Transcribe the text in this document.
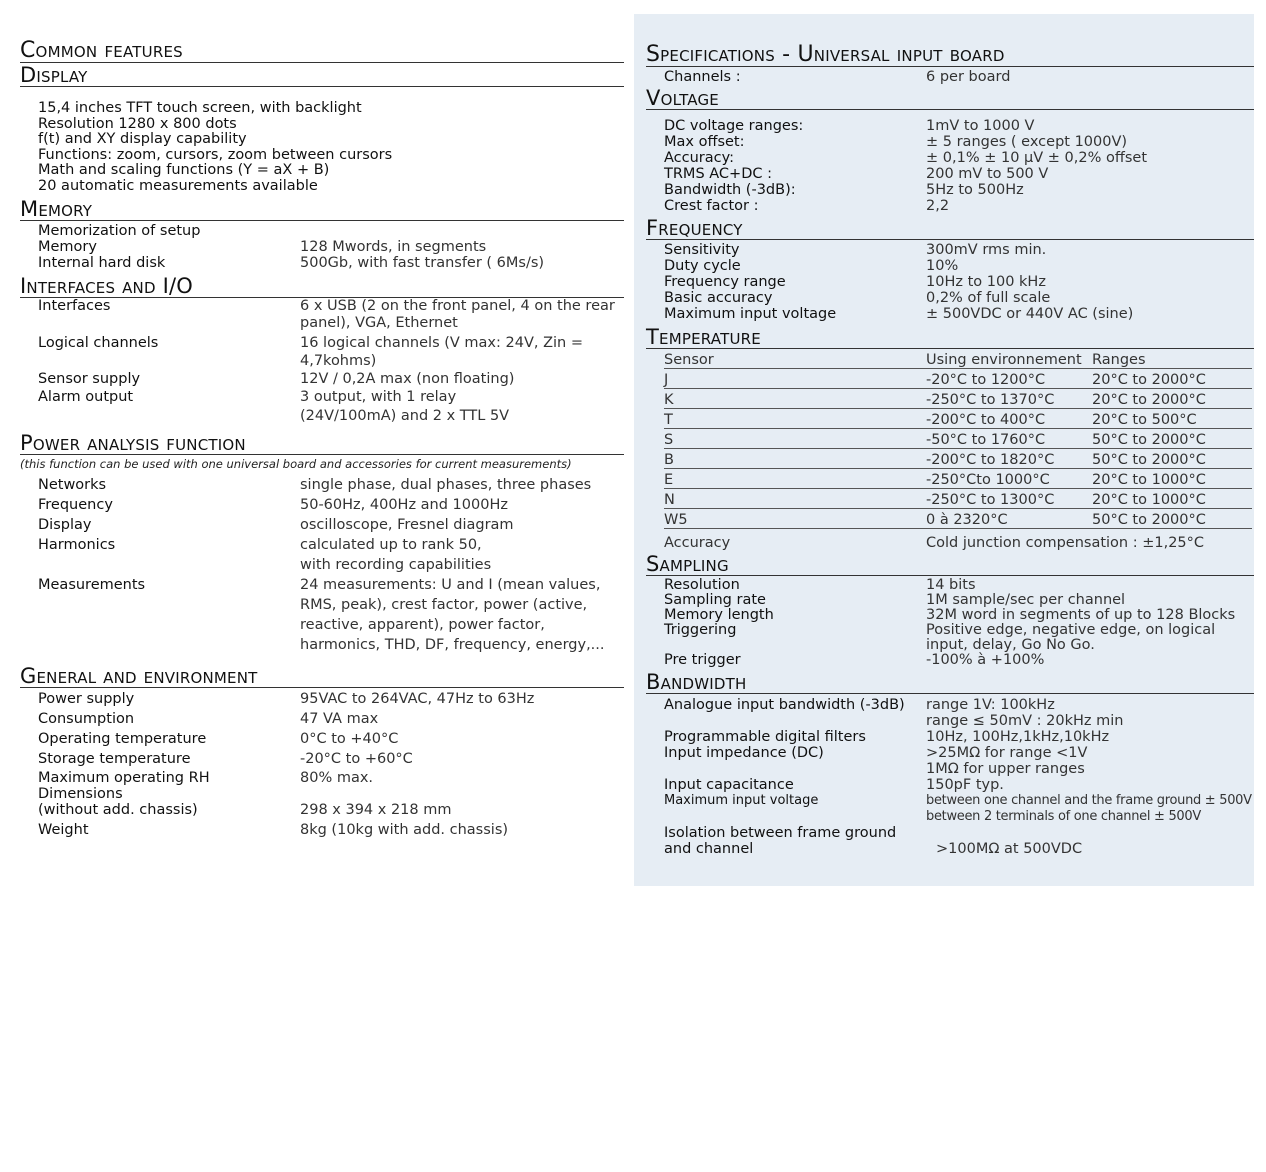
Common features
Display
15,4 inches TFT touch screen, with backlight
Resolution 1280 x 800 dots
f(t) and XY display capability
Functions: zoom, cursors, zoom between cursors
Math and scaling functions (Y = aX + B)
20 automatic measurements available
Memory
Memorization of setup
Memory	128 Mwords, in segments
Internal hard disk	500Gb, with fast transfer ( 6Ms/s)
Interfaces and I/O
Interfaces	6 x USB (2 on the front panel, 4 on the rear panel), VGA, Ethernet
Logical channels	16 logical channels (V max: 24V, Zin = 4,7kohms)
Sensor supply	12V / 0,2A max (non floating)
Alarm output	3 output, with 1 relay (24V/100mA) and 2 x TTL 5V
Power analysis function
(this function can be used with one universal board and accessories for current measurements)
Networks	single phase, dual phases, three phases
Frequency	50-60Hz, 400Hz and 1000Hz
Display	oscilloscope, Fresnel diagram
Harmonics	calculated up to rank 50, with recording capabilities
Measurements	24 measurements: U and I (mean values, RMS, peak), crest factor, power (active, reactive, apparent), power factor, harmonics, THD, DF, frequency, energy,...
General and environment
Power supply	95VAC to 264VAC, 47Hz to 63Hz
Consumption	47 VA max
Operating temperature	0°C to +40°C
Storage temperature	-20°C to +60°C
Maximum operating RH	80% max.
Dimensions
(without add. chassis)	298 x 394 x 218 mm
Weight	8kg (10kg with add. chassis)
Specifications - Universal input board
Channels :	6 per board
Voltage
DC voltage ranges:	1mV to 1000 V
Max offset:	± 5 ranges ( except 1000V)
Accuracy:	± 0,1% ± 10 µV ± 0,2% offset
TRMS AC+DC :	200 mV to 500 V
Bandwidth (-3dB):	5Hz to 500Hz
Crest factor :	2,2
Frequency
Sensitivity	300mV rms min.
Duty cycle	10%
Frequency range	10Hz to 100 kHz
Basic accuracy	0,2% of full scale
Maximum input voltage	± 500VDC or 440V AC (sine)
Temperature
Sensor	Using environnement	Ranges
J	-20°C to 1200°C	20°C to 2000°C
K	-250°C to 1370°C	20°C to 2000°C
T	-200°C to 400°C	20°C to 500°C
S	-50°C to 1760°C	50°C to 2000°C
B	-200°C to 1820°C	50°C to 2000°C
E	-250°Cto 1000°C	20°C to 1000°C
N	-250°C to 1300°C	20°C to 1000°C
W5	0 à 2320°C	50°C to 2000°C
Accuracy	Cold junction compensation : ±1,25°C	
Sampling
Resolution	14 bits
Sampling rate	1M sample/sec per channel
Memory length	32M word in segments of up to 128 Blocks
Triggering	Positive edge, negative edge, on logical input, delay, Go No Go.
Pre trigger	-100% à +100%
Bandwidth
Analogue input bandwidth (-3dB)	range 1V: 100kHz
range ≤ 50mV : 20kHz min
Programmable digital filters	10Hz, 100Hz,1kHz,10kHz
Input impedance (DC)	>25MΩ for range <1V
1MΩ for upper ranges
Input capacitance	150pF typ.
Maximum input voltage	between one channel and the frame ground ± 500V
between 2 terminals of one channel ± 500V
Isolation between frame ground and channel	>100MΩ at 500VDC
